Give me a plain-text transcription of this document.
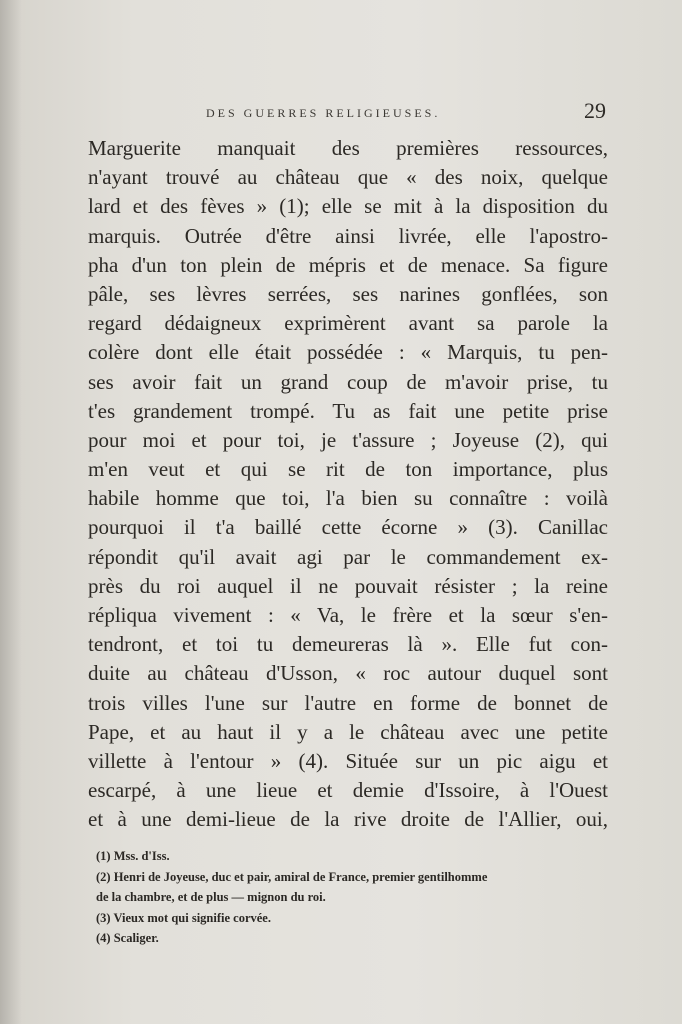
DES GUERRES RELIGIEUSES.	29
Marguerite manquait des premières ressources,
n'ayant trouvé au château que « des noix, quelque
lard et des fèves » (1); elle se mit à la disposition du
marquis. Outrée d'être ainsi livrée, elle l'apostro-
pha d'un ton plein de mépris et de menace. Sa figure
pâle, ses lèvres serrées, ses narines gonflées, son
regard dédaigneux exprimèrent avant sa parole la
colère dont elle était possédée : « Marquis, tu pen-
ses avoir fait un grand coup de m'avoir prise, tu
t'es grandement trompé. Tu as fait une petite prise
pour moi et pour toi, je t'assure ; Joyeuse (2), qui
m'en veut et qui se rit de ton importance, plus
habile homme que toi, l'a bien su connaître : voilà
pourquoi il t'a baillé cette écorne » (3). Canillac
répondit qu'il avait agi par le commandement ex-
près du roi auquel il ne pouvait résister ; la reine
répliqua vivement : « Va, le frère et la sœur s'en-
tendront, et toi tu demeureras là ». Elle fut con-
duite au château d'Usson, « roc autour duquel sont
trois villes l'une sur l'autre en forme de bonnet de
Pape, et au haut il y a le château avec une petite
villette à l'entour » (4). Située sur un pic aigu et
escarpé, à une lieue et demie d'Issoire, à l'Ouest
et à une demi-lieue de la rive droite de l'Allier, oui,
(1) Mss. d'Iss.
(2) Henri de Joyeuse, duc et pair, amiral de France, premier gentilhomme
de la chambre, et de plus — mignon du roi.
(3) Vieux mot qui signifie corvée.
(4) Scaliger.
